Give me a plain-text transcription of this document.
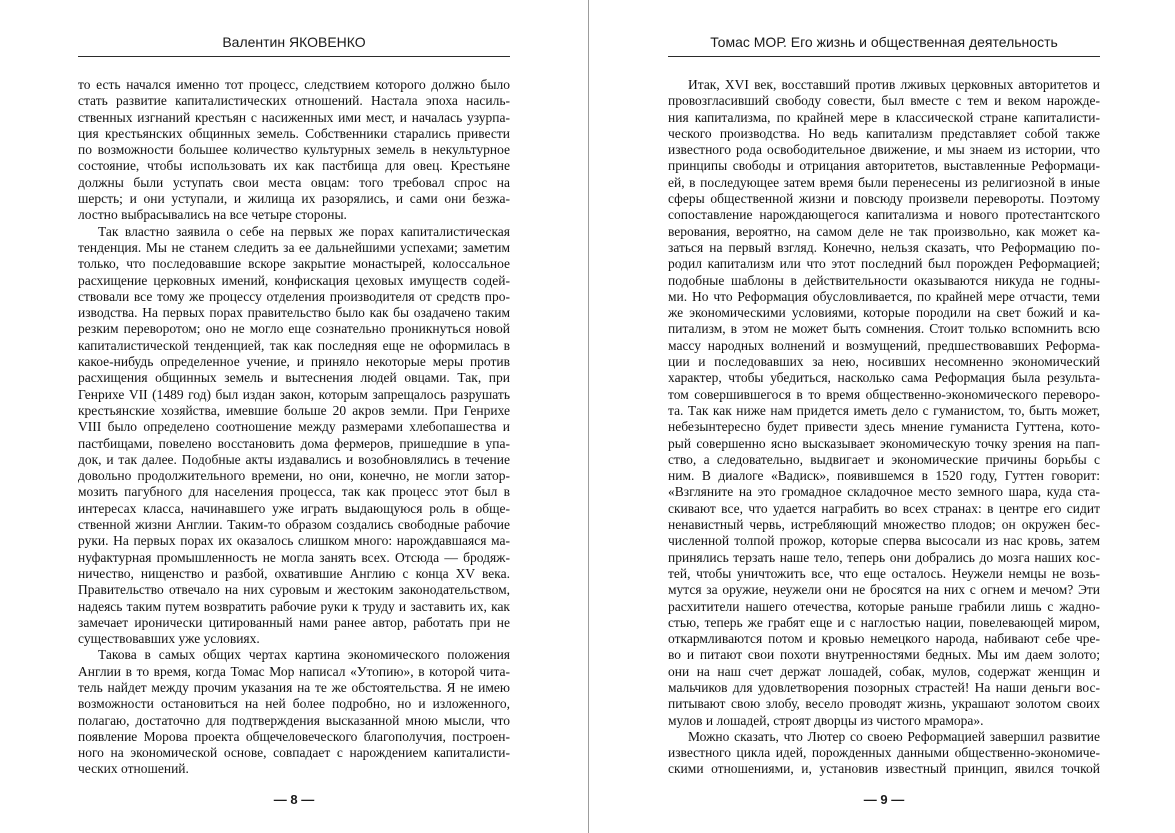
Валентин ЯКОВЕНКО
то есть начался именно тот процесс, следствием которого должно было
стать развитие капиталистических отношений. Настала эпоха насиль-
ственных изгнаний крестьян с насиженных ими мест, и началась узурпа-
ция крестьянских общинных земель. Собственники старались привести
по возможности большее количество культурных земель в некультурное
состояние, чтобы использовать их как пастбища для овец. Крестьяне
должны были уступать свои места овцам: того требовал спрос на
шерсть; и они уступали, и жилища их разорялись, и сами они безжа-
лостно выбрасывались на все четыре стороны.
Так властно заявила о себе на первых же порах капиталистическая
тенденция. Мы не станем следить за ее дальнейшими успехами; заметим
только, что последовавшие вскоре закрытие монастырей, колоссальное
расхищение церковных имений, конфискация цеховых имуществ содей-
ствовали все тому же процессу отделения производителя от средств про-
изводства. На первых порах правительство было как бы озадачено таким
резким переворотом; оно не могло еще сознательно проникнуться новой
капиталистической тенденцией, так как последняя еще не оформилась в
какое-нибудь определенное учение, и приняло некоторые меры против
расхищения общинных земель и вытеснения людей овцами. Так, при
Генрихе VII (1489 год) был издан закон, которым запрещалось разрушать
крестьянские хозяйства, имевшие больше 20 акров земли. При Генрихе
VIII было определено соотношение между размерами хлебопашества и
пастбищами, повелено восстановить дома фермеров, пришедшие в упа-
док, и так далее. Подобные акты издавались и возобновлялись в течение
довольно продолжительного времени, но они, конечно, не могли затор-
мозить пагубного для населения процесса, так как процесс этот был в
интересах класса, начинавшего уже играть выдающуюся роль в обще-
ственной жизни Англии. Таким-то образом создались свободные рабочие
руки. На первых порах их оказалось слишком много: нарождавшаяся ма-
нуфактурная промышленность не могла занять всех. Отсюда — бродяж-
ничество, нищенство и разбой, охватившие Англию с конца XV века.
Правительство отвечало на них суровым и жестоким законодательством,
надеясь таким путем возвратить рабочие руки к труду и заставить их, как
замечает иронически цитированный нами ранее автор, работать при не
существовавших уже условиях.
Такова в самых общих чертах картина экономического положения
Англии в то время, когда Томас Мор написал «Утопию», в которой чита-
тель найдет между прочим указания на те же обстоятельства. Я не имею
возможности остановиться на ней более подробно, но и изложенного,
полагаю, достаточно для подтверждения высказанной мною мысли, что
появление Морова проекта общечеловеческого благополучия, построен-
ного на экономической основе, совпадает с нарождением капиталисти-
ческих отношений.
— 8 —
Томас МОР. Его жизнь и общественная деятельность
Итак, XVI век, восставший против лживых церковных авторитетов и
провозгласивший свободу совести, был вместе с тем и веком нарожде-
ния капитализма, по крайней мере в классической стране капиталисти-
ческого производства. Но ведь капитализм представляет собой также
известного рода освободительное движение, и мы знаем из истории, что
принципы свободы и отрицания авторитетов, выставленные Реформаци-
ей, в последующее затем время были перенесены из религиозной в иные
сферы общественной жизни и повсюду произвели перевороты. Поэтому
сопоставление нарождающегося капитализма и нового протестантского
верования, вероятно, на самом деле не так произвольно, как может ка-
заться на первый взгляд. Конечно, нельзя сказать, что Реформацию по-
родил капитализм или что этот последний был порожден Реформацией;
подобные шаблоны в действительности оказываются никуда не годны-
ми. Но что Реформация обусловливается, по крайней мере отчасти, теми
же экономическими условиями, которые породили на свет божий и ка-
питализм, в этом не может быть сомнения. Стоит только вспомнить всю
массу народных волнений и возмущений, предшествовавших Реформа-
ции и последовавших за нею, носивших несомненно экономический
характер, чтобы убедиться, насколько сама Реформация была результа-
том совершившегося в то время общественно-экономического переворо-
та. Так как ниже нам придется иметь дело с гуманистом, то, быть может,
небезынтересно будет привести здесь мнение гуманиста Гуттена, кото-
рый совершенно ясно высказывает экономическую точку зрения на пап-
ство, а следовательно, выдвигает и экономические причины борьбы с
ним. В диалоге «Вадиск», появившемся в 1520 году, Гуттен говорит:
«Взгляните на это громадное складочное место земного шара, куда ста-
скивают все, что удается награбить во всех странах: в центре его сидит
ненавистный червь, истребляющий множество плодов; он окружен бес-
численной толпой прожор, которые сперва высосали из нас кровь, затем
принялись терзать наше тело, теперь они добрались до мозга наших кос-
тей, чтобы уничтожить все, что еще осталось. Неужели немцы не возь-
мутся за оружие, неужели они не бросятся на них с огнем и мечом? Эти
расхитители нашего отечества, которые раньше грабили лишь с жадно-
стью, теперь же грабят еще и с наглостью нации, повелевающей миром,
откармливаются потом и кровью немецкого народа, набивают себе чре-
во и питают свои похоти внутренностями бедных. Мы им даем золото;
они на наш счет держат лошадей, собак, мулов, содержат женщин и
мальчиков для удовлетворения позорных страстей! На наши деньги вос-
питывают свою злобу, весело проводят жизнь, украшают золотом своих
мулов и лошадей, строят дворцы из чистого мрамора».
Можно сказать, что Лютер со своею Реформацией завершил развитие
известного цикла идей, порожденных данными общественно-экономиче-
скими отношениями, и, установив известный принцип, явился точкой
— 9 —
